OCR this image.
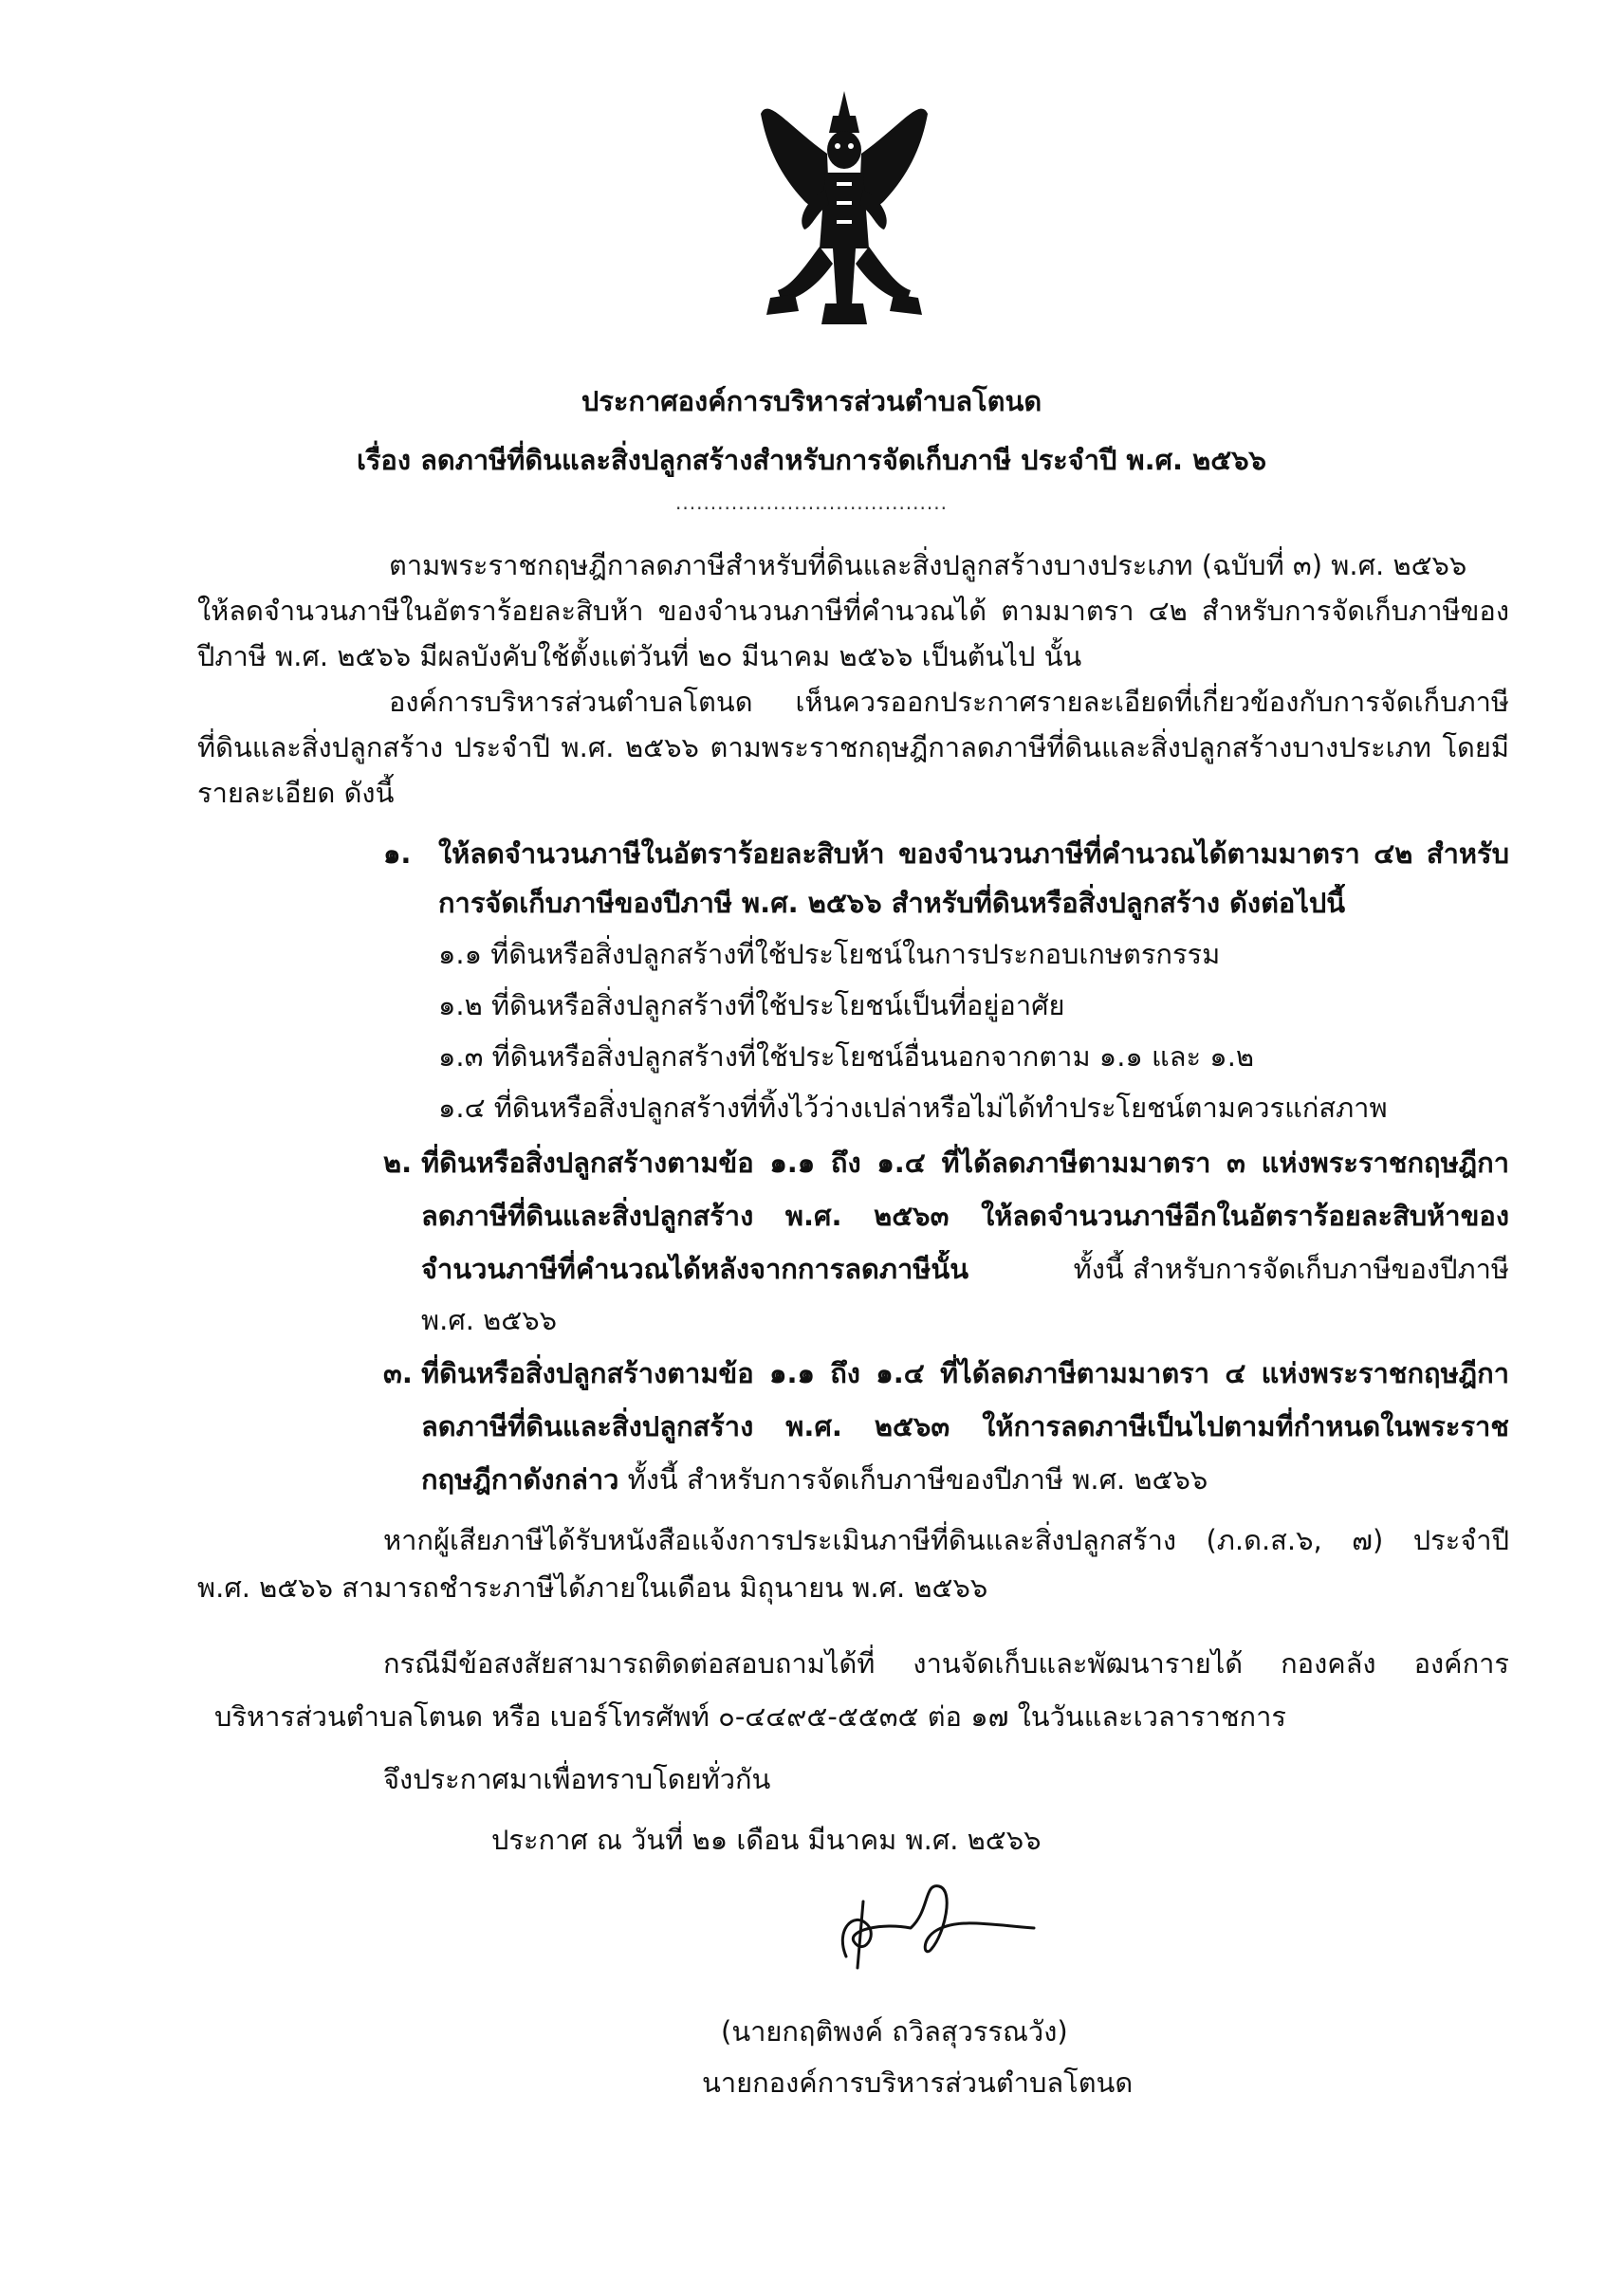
ประกาศองค์การบริหารส่วนตำบลโตนด
เรื่อง ลดภาษีที่ดินและสิ่งปลูกสร้างสำหรับการจัดเก็บภาษี ประจำปี พ.ศ. ๒๕๖๖
.......................................
ตามพระราชกฤษฎีกาลดภาษีสำหรับที่ดินและสิ่งปลูกสร้างบางประเภท (ฉบับที่ ๓) พ.ศ. ๒๕๖๖
ให้ลดจำนวนภาษีในอัตราร้อยละสิบห้า ของจำนวนภาษีที่คำนวณได้ ตามมาตรา ๔๒ สำหรับการจัดเก็บภาษีของ
ปีภาษี พ.ศ. ๒๕๖๖ มีผลบังคับใช้ตั้งแต่วันที่ ๒๐ มีนาคม ๒๕๖๖ เป็นต้นไป นั้น
องค์การบริหารส่วนตำบลโตนด เห็นควรออกประกาศรายละเอียดที่เกี่ยวข้องกับการจัดเก็บภาษี
ที่ดินและสิ่งปลูกสร้าง ประจำปี พ.ศ. ๒๕๖๖ ตามพระราชกฤษฎีกาลดภาษีที่ดินและสิ่งปลูกสร้างบางประเภท โดยมี
รายละเอียด ดังนี้
๑. ให้ลดจำนวนภาษีในอัตราร้อยละสิบห้า ของจำนวนภาษีที่คำนวณได้ตามมาตรา ๔๒ สำหรับ
การจัดเก็บภาษีของปีภาษี พ.ศ. ๒๕๖๖ สำหรับที่ดินหรือสิ่งปลูกสร้าง ดังต่อไปนี้
๑.๑ ที่ดินหรือสิ่งปลูกสร้างที่ใช้ประโยชน์ในการประกอบเกษตรกรรม
๑.๒ ที่ดินหรือสิ่งปลูกสร้างที่ใช้ประโยชน์เป็นที่อยู่อาศัย
๑.๓ ที่ดินหรือสิ่งปลูกสร้างที่ใช้ประโยชน์อื่นนอกจากตาม ๑.๑ และ ๑.๒
๑.๔ ที่ดินหรือสิ่งปลูกสร้างที่ทิ้งไว้ว่างเปล่าหรือไม่ได้ทำประโยชน์ตามควรแก่สภาพ
๒. ที่ดินหรือสิ่งปลูกสร้างตามข้อ ๑.๑ ถึง ๑.๔ ที่ได้ลดภาษีตามมาตรา ๓ แห่งพระราชกฤษฎีกา
ลดภาษีที่ดินและสิ่งปลูกสร้าง พ.ศ. ๒๕๖๓ ให้ลดจำนวนภาษีอีกในอัตราร้อยละสิบห้าของ
จำนวนภาษีที่คำนวณได้หลังจากการลดภาษีนั้น	ทั้งนี้ สำหรับการจัดเก็บภาษีของปีภาษี
พ.ศ. ๒๕๖๖
๓. ที่ดินหรือสิ่งปลูกสร้างตามข้อ ๑.๑ ถึง ๑.๔ ที่ได้ลดภาษีตามมาตรา ๔ แห่งพระราชกฤษฎีกา
ลดภาษีที่ดินและสิ่งปลูกสร้าง พ.ศ. ๒๕๖๓ ให้การลดภาษีเป็นไปตามที่กำหนดในพระราช
กฤษฎีกาดังกล่าว ทั้งนี้ สำหรับการจัดเก็บภาษีของปีภาษี พ.ศ. ๒๕๖๖
หากผู้เสียภาษีได้รับหนังสือแจ้งการประเมินภาษีที่ดินและสิ่งปลูกสร้าง (ภ.ด.ส.๖, ๗) ประจำปี
พ.ศ. ๒๕๖๖ สามารถชำระภาษีได้ภายในเดือน มิถุนายน พ.ศ. ๒๕๖๖
กรณีมีข้อสงสัยสามารถติดต่อสอบถามได้ที่ งานจัดเก็บและพัฒนารายได้ กองคลัง องค์การ
บริหารส่วนตำบลโตนด หรือ เบอร์โทรศัพท์ ๐-๔๔๙๕-๕๕๓๕ ต่อ ๑๗ ในวันและเวลาราชการ
จึงประกาศมาเพื่อทราบโดยทั่วกัน
ประกาศ ณ วันที่ ๒๑ เดือน มีนาคม พ.ศ. ๒๕๖๖
(นายกฤติพงค์ ถวิลสุวรรณวัง)
นายกองค์การบริหารส่วนตำบลโตนด
